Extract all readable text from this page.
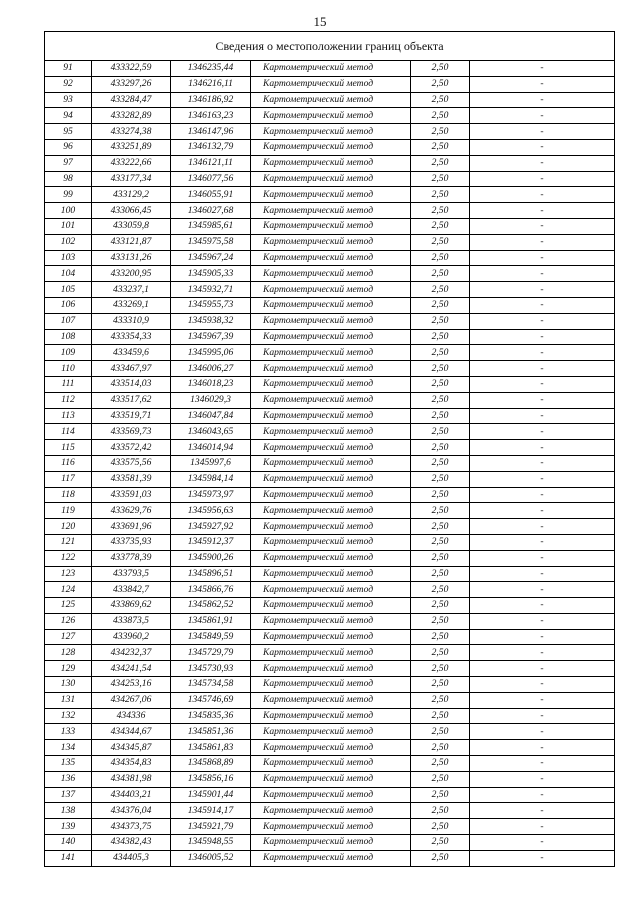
15
Сведения о местоположении границ объекта
91	433322,59	1346235,44	Картометрический метод	2,50	-
92	433297,26	1346216,11	Картометрический метод	2,50	-
93	433284,47	1346186,92	Картометрический метод	2,50	-
94	433282,89	1346163,23	Картометрический метод	2,50	-
95	433274,38	1346147,96	Картометрический метод	2,50	-
96	433251,89	1346132,79	Картометрический метод	2,50	-
97	433222,66	1346121,11	Картометрический метод	2,50	-
98	433177,34	1346077,56	Картометрический метод	2,50	-
99	433129,2	1346055,91	Картометрический метод	2,50	-
100	433066,45	1346027,68	Картометрический метод	2,50	-
101	433059,8	1345985,61	Картометрический метод	2,50	-
102	433121,87	1345975,58	Картометрический метод	2,50	-
103	433131,26	1345967,24	Картометрический метод	2,50	-
104	433200,95	1345905,33	Картометрический метод	2,50	-
105	433237,1	1345932,71	Картометрический метод	2,50	-
106	433269,1	1345955,73	Картометрический метод	2,50	-
107	433310,9	1345938,32	Картометрический метод	2,50	-
108	433354,33	1345967,39	Картометрический метод	2,50	-
109	433459,6	1345995,06	Картометрический метод	2,50	-
110	433467,97	1346006,27	Картометрический метод	2,50	-
111	433514,03	1346018,23	Картометрический метод	2,50	-
112	433517,62	1346029,3	Картометрический метод	2,50	-
113	433519,71	1346047,84	Картометрический метод	2,50	-
114	433569,73	1346043,65	Картометрический метод	2,50	-
115	433572,42	1346014,94	Картометрический метод	2,50	-
116	433575,56	1345997,6	Картометрический метод	2,50	-
117	433581,39	1345984,14	Картометрический метод	2,50	-
118	433591,03	1345973,97	Картометрический метод	2,50	-
119	433629,76	1345956,63	Картометрический метод	2,50	-
120	433691,96	1345927,92	Картометрический метод	2,50	-
121	433735,93	1345912,37	Картометрический метод	2,50	-
122	433778,39	1345900,26	Картометрический метод	2,50	-
123	433793,5	1345896,51	Картометрический метод	2,50	-
124	433842,7	1345866,76	Картометрический метод	2,50	-
125	433869,62	1345862,52	Картометрический метод	2,50	-
126	433873,5	1345861,91	Картометрический метод	2,50	-
127	433960,2	1345849,59	Картометрический метод	2,50	-
128	434232,37	1345729,79	Картометрический метод	2,50	-
129	434241,54	1345730,93	Картометрический метод	2,50	-
130	434253,16	1345734,58	Картометрический метод	2,50	-
131	434267,06	1345746,69	Картометрический метод	2,50	-
132	434336	1345835,36	Картометрический метод	2,50	-
133	434344,67	1345851,36	Картометрический метод	2,50	-
134	434345,87	1345861,83	Картометрический метод	2,50	-
135	434354,83	1345868,89	Картометрический метод	2,50	-
136	434381,98	1345856,16	Картометрический метод	2,50	-
137	434403,21	1345901,44	Картометрический метод	2,50	-
138	434376,04	1345914,17	Картометрический метод	2,50	-
139	434373,75	1345921,79	Картометрический метод	2,50	-
140	434382,43	1345948,55	Картометрический метод	2,50	-
141	434405,3	1346005,52	Картометрический метод	2,50	-
